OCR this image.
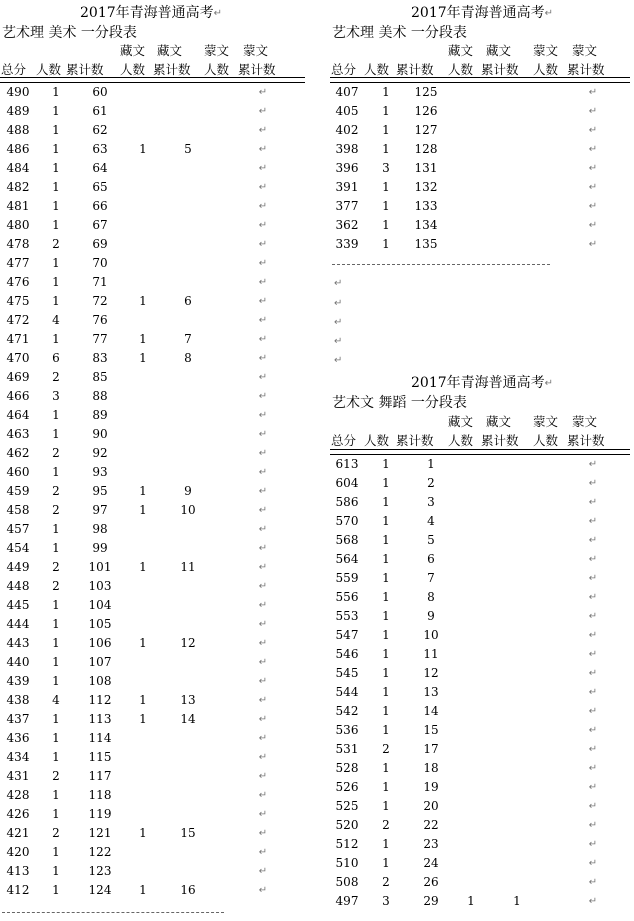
2017年青海普通高考↵
艺术理 美术 一分段表
藏文 藏文 蒙文 蒙文
总分 人数 累计数 人数 累计数 人数 累计数
490	1	60	↵
489	1	61	↵
488	1	62	↵
486	1	63	1	5	↵
484	1	64	↵
482	1	65	↵
481	1	66	↵
480	1	67	↵
478	2	69	↵
477	1	70	↵
476	1	71	↵
475	1	72	1	6	↵
472	4	76	↵
471	1	77	1	7	↵
470	6	83	1	8	↵
469	2	85	↵
466	3	88	↵
464	1	89	↵
463	1	90	↵
462	2	92	↵
460	1	93	↵
459	2	95	1	9	↵
458	2	97	1	10	↵
457	1	98	↵
454	1	99	↵
449	2	101	1	11	↵
448	2	103	↵
445	1	104	↵
444	1	105	↵
443	1	106	1	12	↵
440	1	107	↵
439	1	108	↵
438	4	112	1	13	↵
437	1	113	1	14	↵
436	1	114	↵
434	1	115	↵
431	2	117	↵
428	1	118	↵
426	1	119	↵
421	2	121	1	15	↵
420	1	122	↵
413	1	123	↵
412	1	124	1	16	↵
2017年青海普通高考↵
艺术理 美术 一分段表
藏文 藏文 蒙文 蒙文
总分 人数 累计数 人数 累计数 人数 累计数
407	1	125	↵
405	1	126	↵
402	1	127	↵
398	1	128	↵
396	3	131	↵
391	1	132	↵
377	1	133	↵
362	1	134	↵
339	1	135	↵
↵
↵
↵
↵
↵
2017年青海普通高考↵
艺术文 舞蹈 一分段表
藏文 藏文 蒙文 蒙文
总分 人数 累计数 人数 累计数 人数 累计数
613	1	1	↵
604	1	2	↵
586	1	3	↵
570	1	4	↵
568	1	5	↵
564	1	6	↵
559	1	7	↵
556	1	8	↵
553	1	9	↵
547	1	10	↵
546	1	11	↵
545	1	12	↵
544	1	13	↵
542	1	14	↵
536	1	15	↵
531	2	17	↵
528	1	18	↵
526	1	19	↵
525	1	20	↵
520	2	22	↵
512	1	23	↵
510	1	24	↵
508	2	26	↵
497	3	29	1	1	↵
